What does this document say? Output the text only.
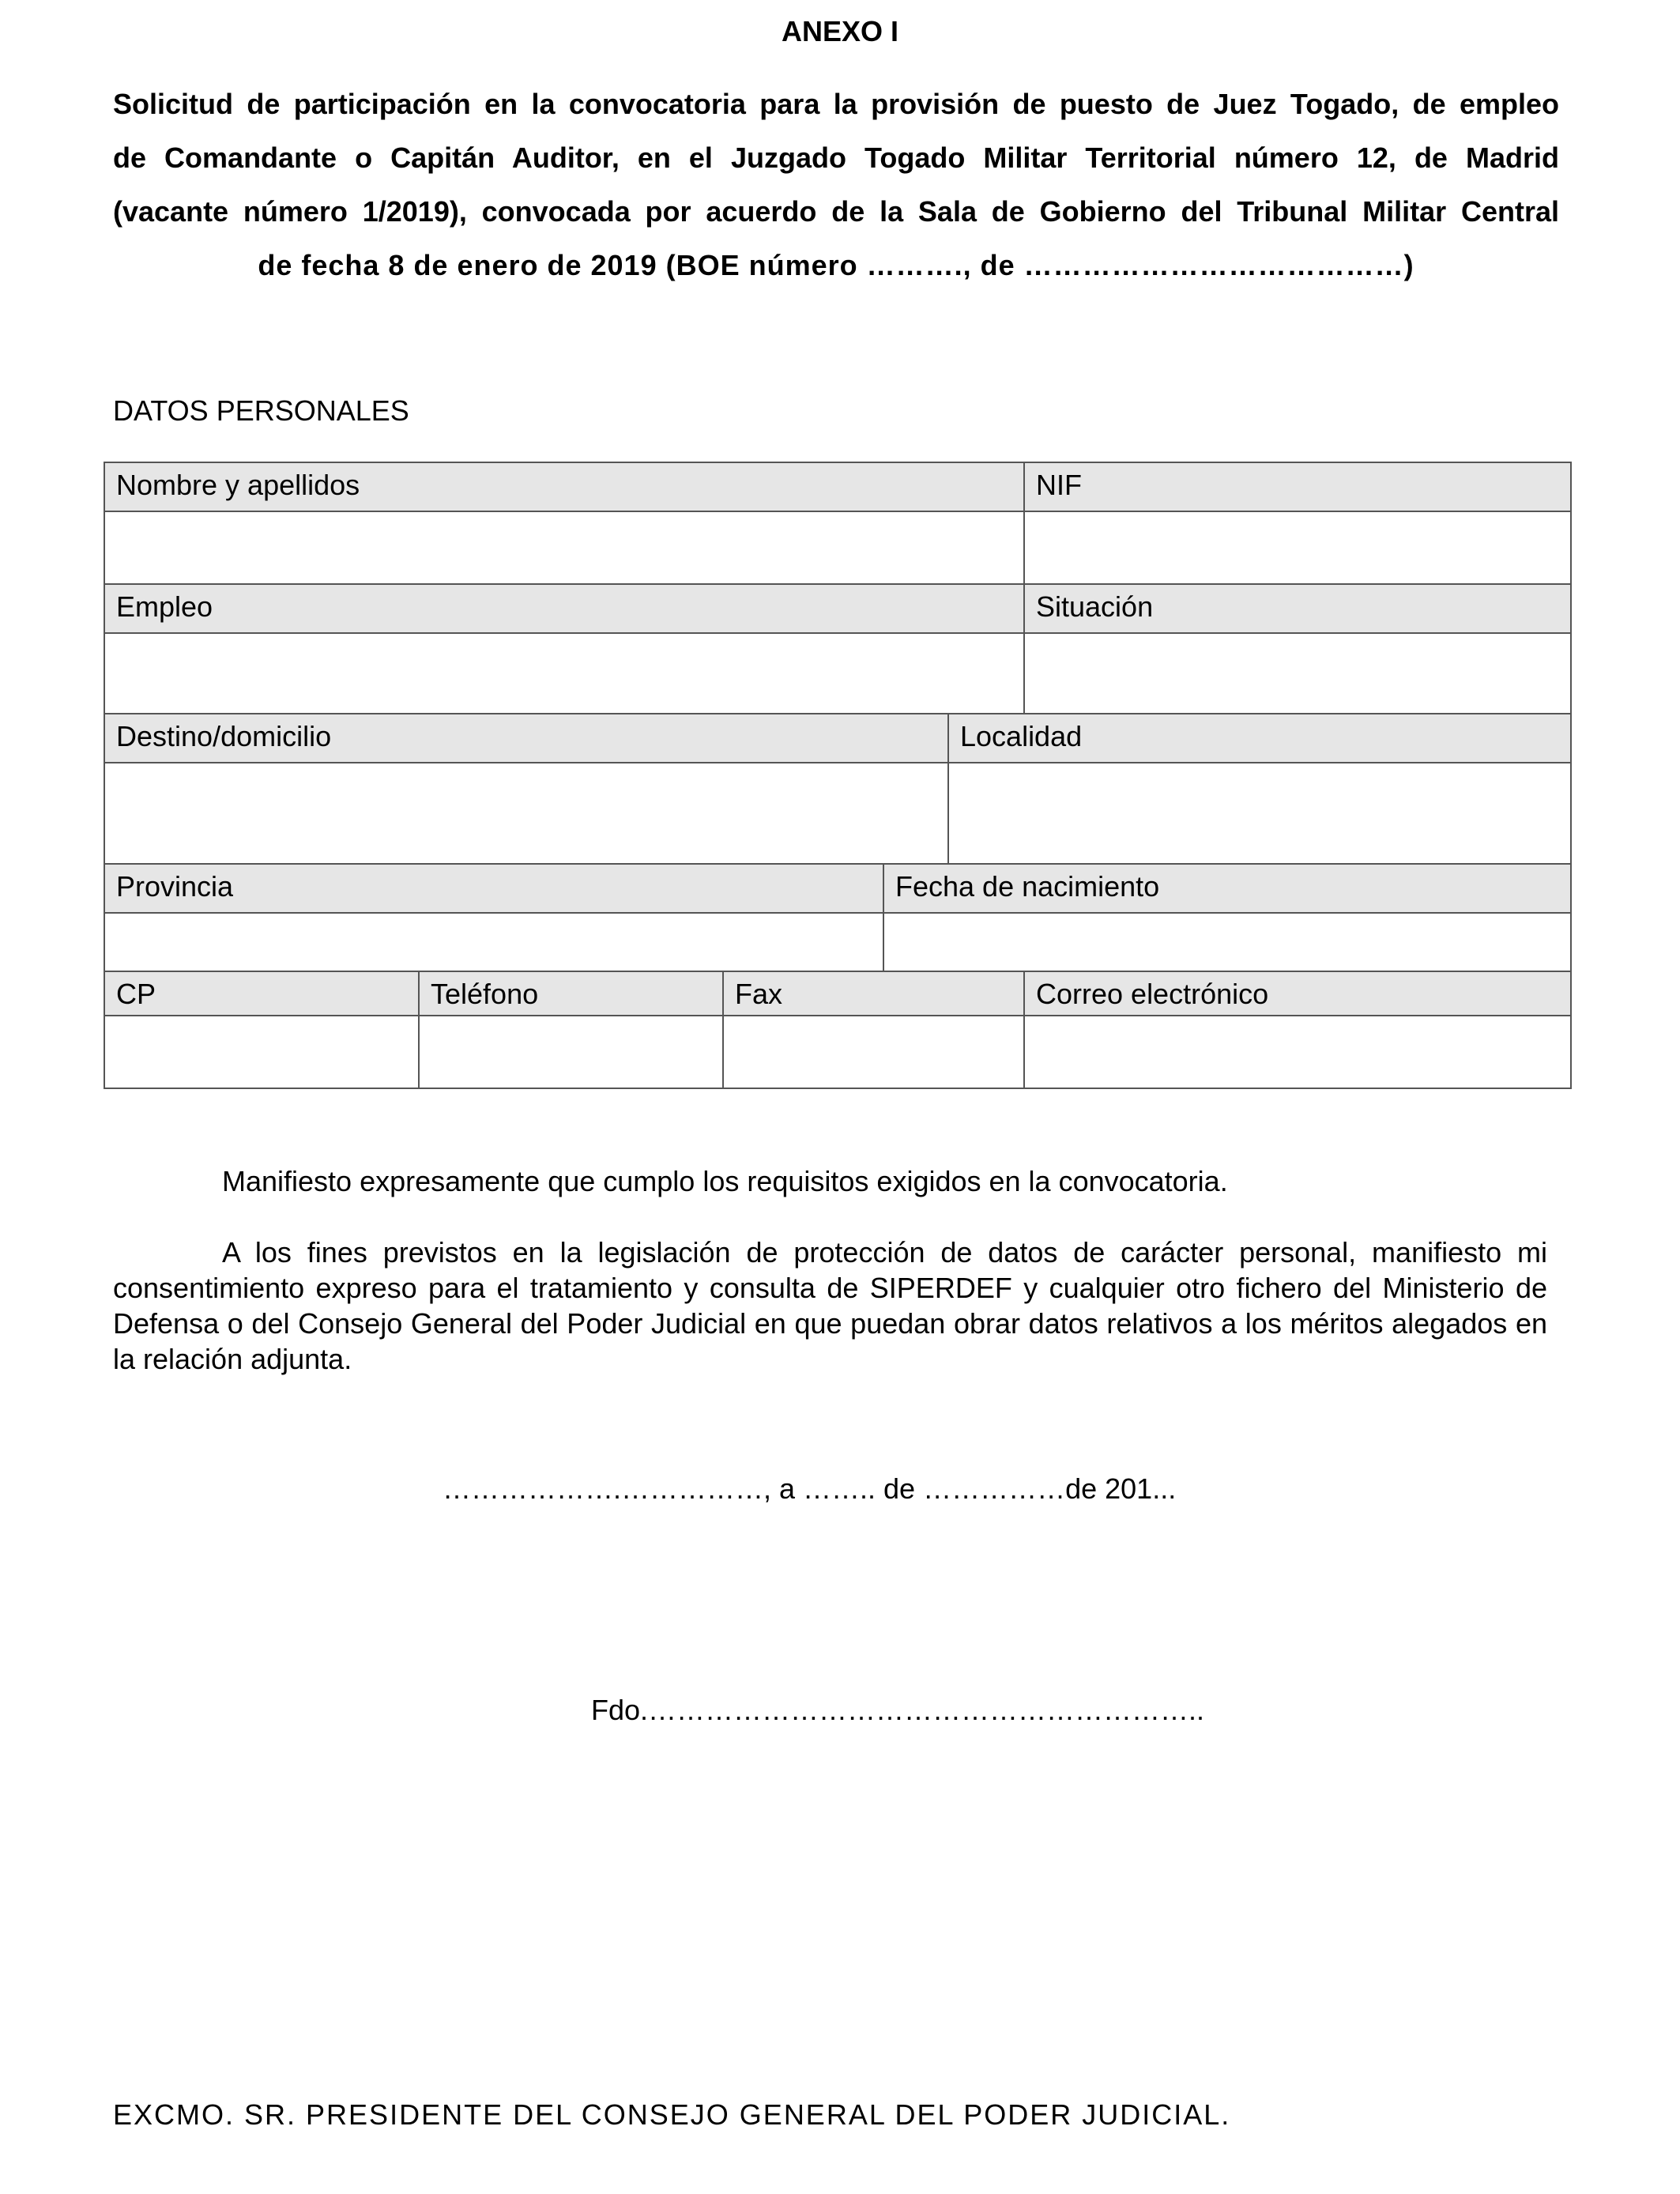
ANEXO I
Solicitud de participación en la convocatoria para la provisión de puesto de Juez Togado, de empleo
de Comandante o Capitán Auditor, en el Juzgado Togado Militar Territorial número 12, de Madrid
(vacante número 1/2019), convocada por acuerdo de la Sala de Gobierno del Tribunal Militar Central
de fecha 8 de enero de 2019 (BOE número ………., de …………………………………)
DATOS PERSONALES
Nombre y apellidos	NIF
Empleo	Situación
Destino/domicilio	Localidad
Provincia	Fecha de nacimiento
CP	Teléfono	Fax	Correo electrónico
Manifiesto expresamente que cumplo los requisitos exigidos en la convocatoria.
A los fines previstos en la legislación de protección de datos de carácter personal, manifiesto mi consentimiento expreso para el tratamiento y consulta de SIPERDEF y cualquier otro fichero del Ministerio de Defensa o del Consejo General del Poder Judicial en que puedan obrar datos relativos a los méritos alegados en la relación adjunta.
……………….……………, a …….. de ……………de 201...
Fdo.…………………………………………………..
EXCMO. SR. PRESIDENTE DEL CONSEJO GENERAL DEL PODER JUDICIAL.
